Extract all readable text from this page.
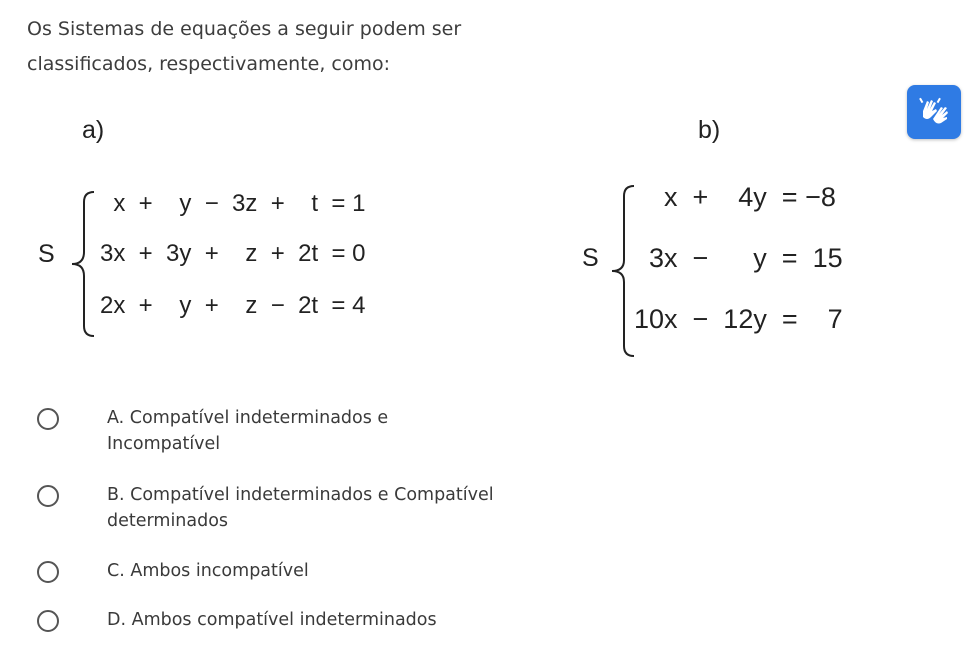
Os Sistemas de equações a seguir podem ser classificados, respectivamente, como:

a)
S
x  +    y  −  3z  +    t  = 1
3x  +  3y  +    z  +  2t  = 0
2x  +    y  +    z  −  2t  = 4
b)
S
x  +    4y  = −8
3x  −      y  =  15
10x  −  12y  =    7
A. Compatível indeterminados e Incompatível
B. Compatível indeterminados e Compatível determinados
C. Ambos incompatível
D. Ambos compatível indeterminados
